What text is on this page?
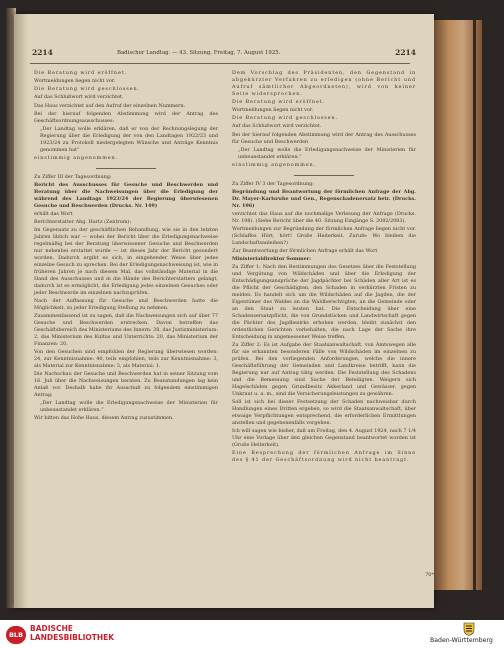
2214	Badischer Landtag. — 43. Sitzung. Freitag, 7. August 1925.	2214

Die Beratung wird eröffnet.

Wortmeldungen liegen nicht vor.

Die Beratung wird geschlossen.

Auf das Schlußwort wird verzichtet.

Das Haus verzichtet auf den Aufruf der einzelnen Nummern.

Bei der hierauf folgenden Abstimmung wird der Antrag des Geschäftsordnungsausschusses:

„Der Landtag wolle erklären, daß er von der Rechnungslegung der Regierung über die Erledigung der von den Landtagen 1922/23 und 1923/24 zu Protokoll niedergelegten Wünsche und Anträge Kenntnis genommen hat“

einstimmig angenommen.

Zu Ziffer III der Tagesordnung:

Bericht des Ausschusses für Gesuche und Beschwerden und Beratung über die Nachweisungen über die Erledigung der während des Landtags 1923/24 der Regierung überwiesenen Gesuche und Beschwerden (Drucks. Nr. 149)

erhält das Wort

Berichterstatter Abg. Hartz (Zentrum):

Im Gegensatz zu der geschäftlichen Behandlung, wie sie in den letzten Jahren üblich war — wobei der Bericht über die Erledigungsnachweise regelmäßig bei der Beratung überwiesener Gesuche und Beschwerden nur nebenbei erstattet wurde — ist dieses Jahr der Bericht gesondert worden. Dadurch ergibt es sich, in eingehender Weise über jedes einzelne Gesuch zu sprechen. Bei der Erledigungsnachweisung ist, wie in früheren Jahren je nach diesem Mal, das vollständige Material in die Hand des Ausschusses und in die Hände des Berichterstatters gelangt, dadurch ist es ermöglicht, die Erledigung jedes einzelnen Gesuches oder jeder Beschwerde im einzelnen nachzuprüfen.

Nach der Auffassung für Gesuche und Beschwerden hatte die Möglichkeit, zu jeder Erledigung Stellung zu nehmen.

Zusammenfassend ist zu sagen, daß die Nachweisungen sich auf über 77 Gesuche und Beschwerden erstrecken. Davon betreffen das Geschäftsbereich des Ministeriums des Innern: 38, das Justizministerium: 2, das Ministerium des Kultus und Unterrichts: 20, das Ministerium der Finanzen: 20.

Von den Gesuchen sind empfohlen der Regierung überwiesen worden: 24, zur Kenntnisnahme: 40, teils empfohlen, teils zur Kenntnisnahme: 3, als Material zur Kenntnisnahme: 3, als Material: 1.

Die Nachschau der Gesuche und Beschwerden hat in seiner Sitzung vom 16. Juli über die Nachweisungen beraten. Zu Beanstandungen lag kein Anlaß vor. Deshalb habe ihr Ausschuß zu folgendem einstimmigen Antrag:

„Der Landtag wolle die Erledigungsnachweise der Ministerien für unbeanstandet erklären.“

Wir bitten das Hohe Haus, diesem Antrag zuzustimmen.

Dem Vorschlag des Präsidenten, den Gegenstand in abgekürzter Verfahren zu erledigen (ohne Bericht und Aufruf sämtlicher Abgeordneten), wird von keiner Seite widersprochen.

Die Beratung wird eröffnet.

Wortmeldungen liegen nicht vor.

Die Beratung wird geschlossen.

Auf das Schlußwort wird verzichtet.

Bei der hierauf folgenden Abstimmung wird der Antrag des Ausschusses für Gesuche und Beschwerden

„Der Landtag wolle die Erledigungsnachweise der Ministerien für unbeanstandet erklären.“

einstimmig angenommen.

Zu Ziffer IV 3 der Tagesordnung:

Begründung und Beantwortung der förmlichen Anfrage der Abg. Dr. Mayer-Karlsruhe und Gen., Regenschadenersatz betr. (Drucks. Nr. 196)

verzichtet das Haus auf die nochmalige Verlesung der Anfrage (Drucks. Nr. 198). (Siehe Bericht über die 40. Sitzung Eingänge S. 2082/2083).

Wortmeldungen zur Begründung der förmlichen Anfrage liegen nicht vor. (Schlaffes Hört, hört! Große Heiterkeit. Zurufe: Wo bleiben die Landschaftsanleihen?)

Zur Beantwortung der förmlichen Anfrage erhält das Wort

Ministerialdirektor Sommer:

Zu Ziffer 1: Nach den Bestimmungen des Gesetzes über die Feststellung und Vergütung von Wildschäden und über die Erledigung der Entschädigungsansprüche der Jagdpächter bei Schäden aller Art ist es die Pflicht der Geschädigten, den Schaden in verkürzten Fristen zu melden. Es handelt sich um die Wildschäden auf die Jagden, die der Eigentümer des Waldes an die Waldberechtigten, an die Gemeinde oder an den Staat zu leisten hat. Die Entscheidung über eine Schadensersatzpflicht, die von Grundstücken und Landwirtschaft gegen die Pächter des Jagdbezirks erhoben werden, bleibt zunächst den ordentlichen Gerichten vorbehalten, die nach Lage der Sache ihre Entscheidung in angemessener Weise treffen.

Zu Ziffer 2: Es ist Aufgabe der Staatsanwaltschaft, von Amtswegen alle für sie erkannten besonderen Fälle von Wildschäden im einzelnen zu prüfen. Bei den vorliegenden Anforderungen, welche die innere Geschäftsführung der Gemeinden und Landkreise betrifft, kann die Regierung nur auf Antrag tätig werden. Die Feststellung des Schadens und die Bemessung sind Sache der Beteiligten. Weigern sich Hagelschäden gegen Grundbesitz Akkerland und Gewässer, gegen Unkraut u. a. m., sind die Versicherungsleistungen zu gewähren.

Soll ist sich bei dieser Festsetzung der Schaden nachweisbar durch Handlungen eines Dritten ergeben, so wird die Staatsanwaltschaft, über etwaige Verpflichtungen entsprechend, die erforderlichen Ermittlungen anstellen und gegebenenfalls vorgehen.

Ich will sagen wie bisher, daß am Freitag, den 4. August 1924, nach 7 1/4 Uhr eine Vorlage über den gleichen Gegenstand beantwortet worden ist (Große Heiterkeit).

Eine Besprechung der förmlichen Anfrage im Sinne des § 41 der Geschäftsordnung wird nicht beantragt.

70*
BLB
BADISCHE
LANDESBIBLIOTHEK	Baden-Württemberg
